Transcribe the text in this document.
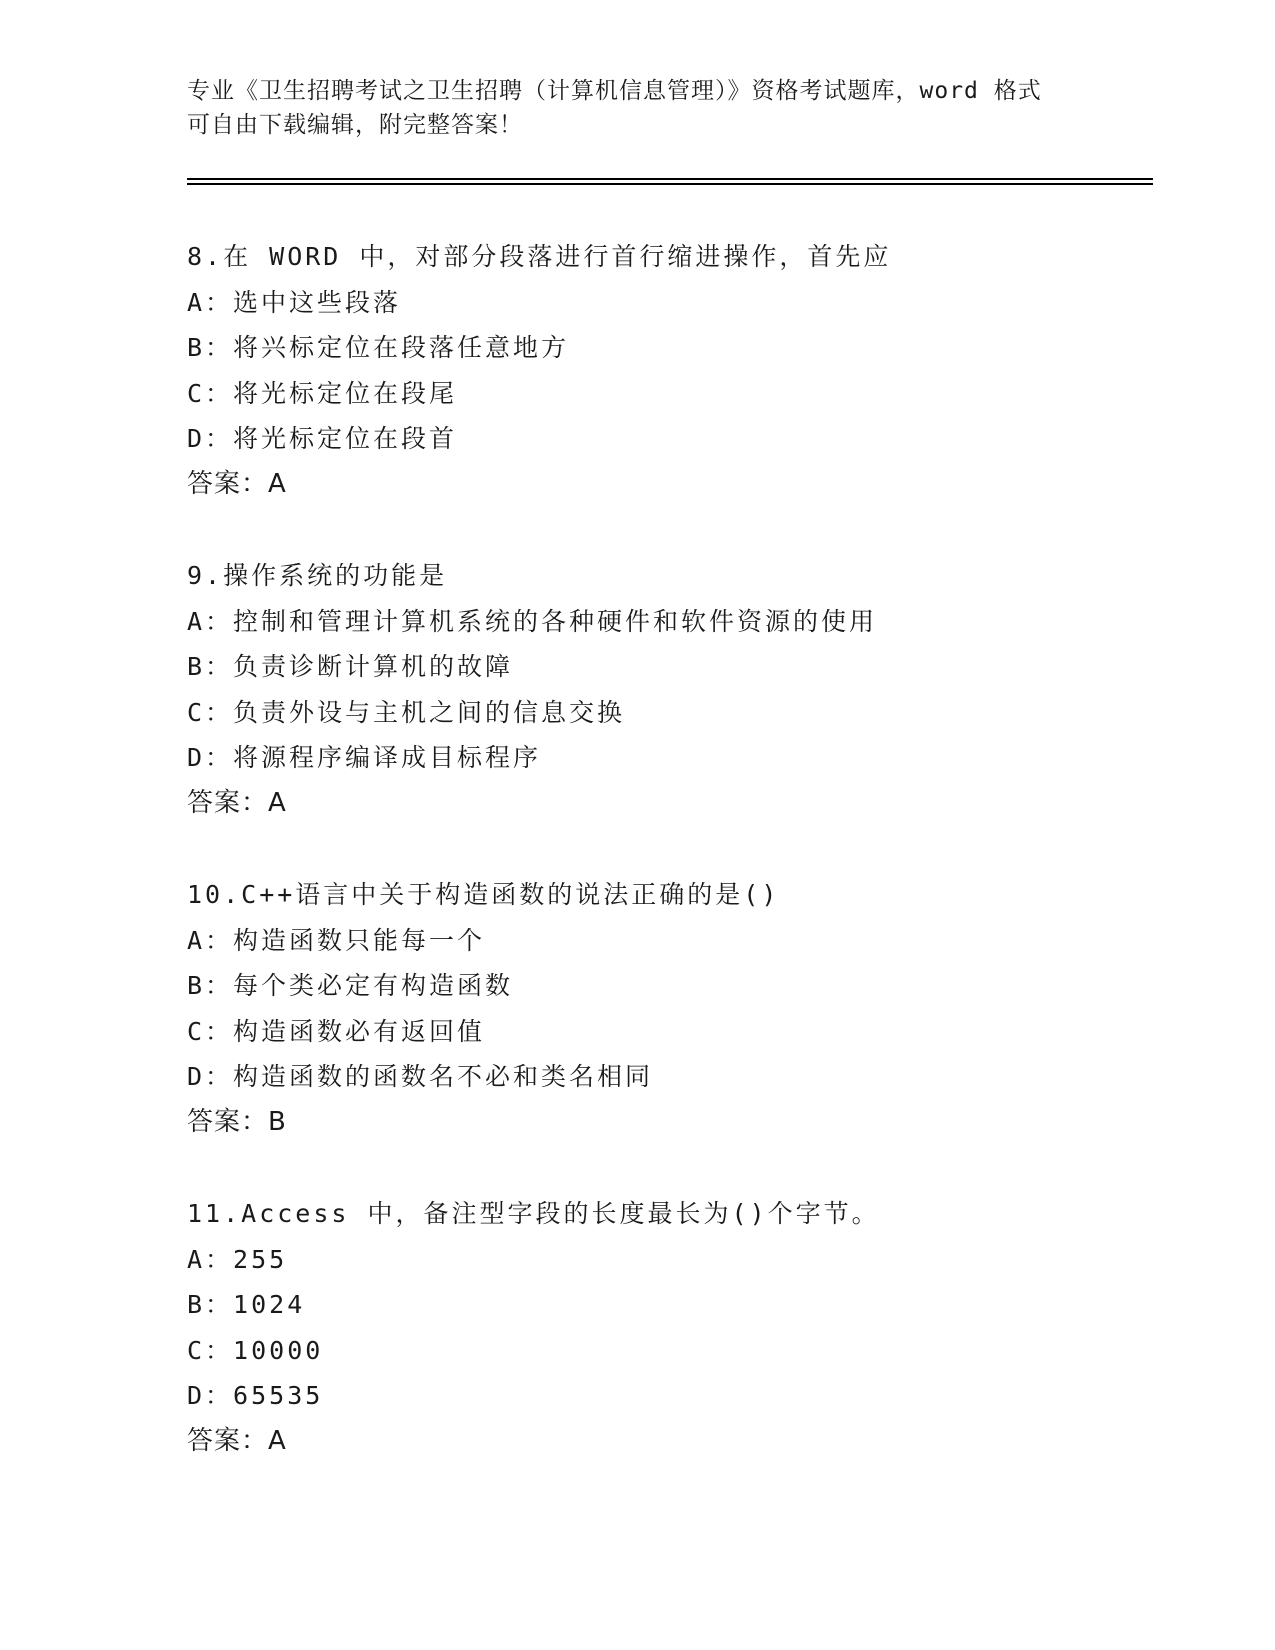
专业《卫生招聘考试之卫生招聘（计算机信息管理）》资格考试题库，word 格式
可自由下载编辑，附完整答案！
8.在 WORD 中，对部分段落进行首行缩进操作，首先应
A：选中这些段落
B：将兴标定位在段落任意地方
C：将光标定位在段尾
D：将光标定位在段首
答案：A
9.操作系统的功能是
A：控制和管理计算机系统的各种硬件和软件资源的使用
B：负责诊断计算机的故障
C：负责外设与主机之间的信息交换
D：将源程序编译成目标程序
答案：A
10.C++语言中关于构造函数的说法正确的是()
A：构造函数只能每一个
B：每个类必定有构造函数
C：构造函数必有返回值
D：构造函数的函数名不必和类名相同
答案：B
11.Access 中，备注型字段的长度最长为()个字节。
A：255
B：1024
C：10000
D：65535
答案：A
